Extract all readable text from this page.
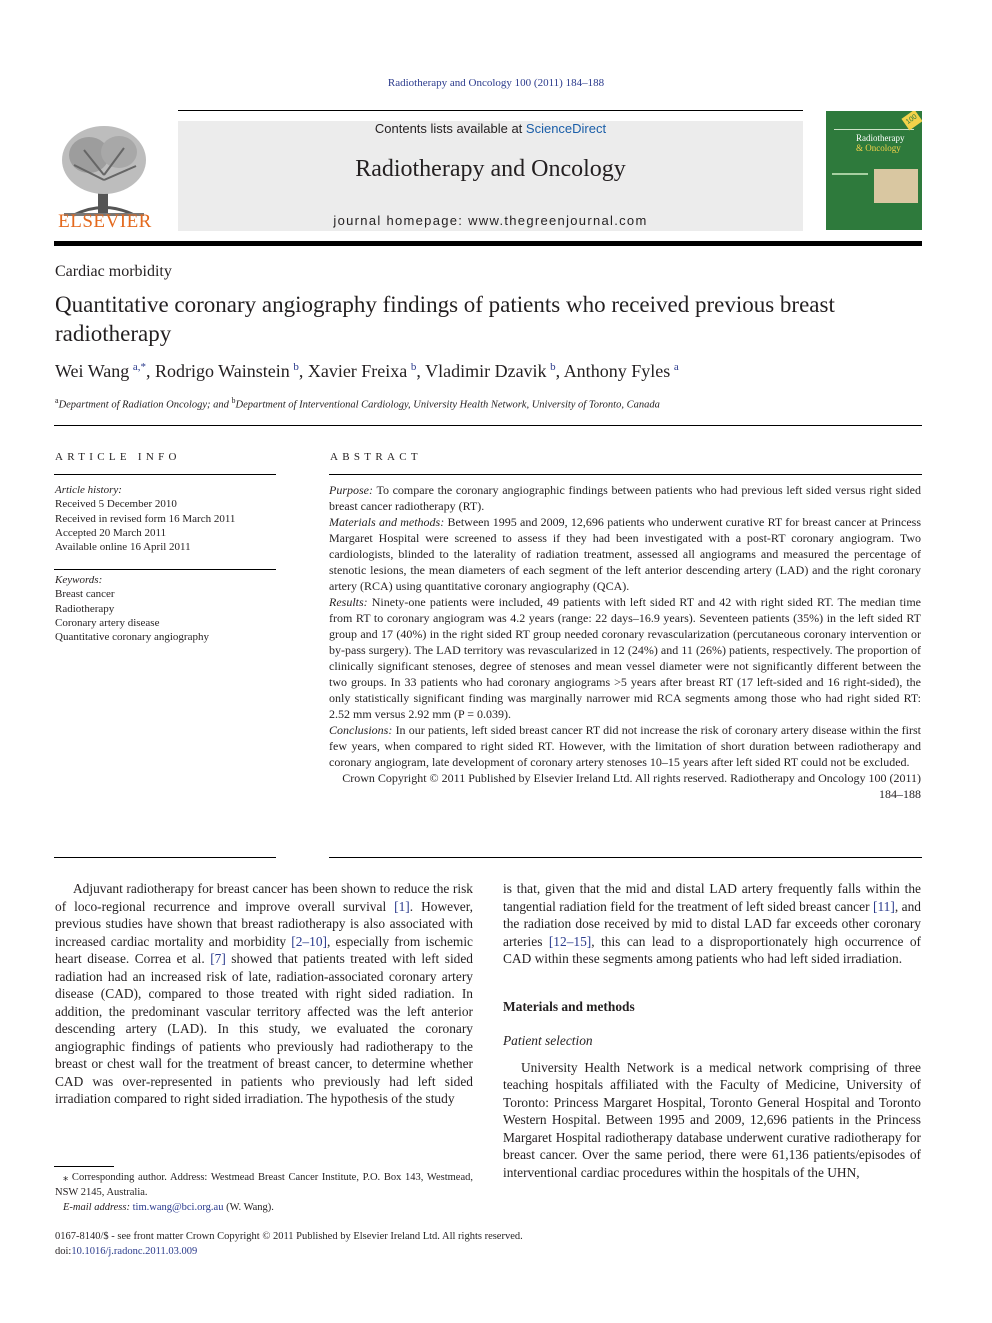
Radiotherapy and Oncology 100 (2011) 184–188
ELSEVIER
Contents lists available at ScienceDirect
Radiotherapy and Oncology
journal homepage: www.thegreenjournal.com
Radiotherapy
& Oncology
100
Cardiac morbidity
Quantitative coronary angiography findings of patients who received previous breast radiotherapy
Wei Wang  $^{a,*}$, Rodrigo Wainstein  $^b$, Xavier Freixa  $^b$, Vladimir Dzavik  $^b$, Anthony Fyles  $^a$
$^a$Department of Radiation Oncology; and $^b$Department of Interventional Cardiology, University Health Network, University of Toronto, Canada
ARTICLE INFO
Article history:
Received 5 December 2010
Received in revised form 16 March 2011
Accepted 20 March 2011
Available online 16 April 2011
Keywords:
Breast cancer
Radiotherapy
Coronary artery disease
Quantitative coronary angiography
ABSTRACT

Purpose: To compare the coronary angiographic findings between patients who had previous left sided versus right sided breast cancer radiotherapy (RT).

Materials and methods: Between 1995 and 2009, 12,696 patients who underwent curative RT for breast cancer at Princess Margaret Hospital were screened to assess if they had been investigated with a post-RT coronary angiogram. Two cardiologists, blinded to the laterality of radiation treatment, assessed all angiograms and measured the percentage of stenotic lesions, the mean diameters of each segment of the left anterior descending artery (LAD) and the right coronary artery (RCA) using quantitative coronary angiography (QCA).

Results: Ninety-one patients were included, 49 patients with left sided RT and 42 with right sided RT. The median time from RT to coronary angiogram was 4.2 years (range: 22 days–16.9 years). Seventeen patients (35%) in the left sided RT group and 17 (40%) in the right sided RT group needed coronary revascularization (percutaneous coronary intervention or by-pass surgery). The LAD territory was revascularized in 12 (24%) and 11 (26%) patients, respectively. The proportion of clinically significant stenoses, degree of stenoses and mean vessel diameter were not significantly different between the two groups. In 33 patients who had coronary angiograms >5 years after breast RT (17 left-sided and 16 right-sided), the only statistically significant finding was marginally narrower mid RCA segments among those who had right sided RT: 2.52 mm versus 2.92 mm (P = 0.039).

Conclusions: In our patients, left sided breast cancer RT did not increase the risk of coronary artery disease within the first few years, when compared to right sided RT. However, with the limitation of short duration between radiotherapy and coronary angiogram, late development of coronary artery stenoses 10–15 years after left sided RT could not be excluded.

Crown Copyright © 2011 Published by Elsevier Ireland Ltd. All rights reserved. Radiotherapy and Oncology 100 (2011) 184–188

Adjuvant radiotherapy for breast cancer has been shown to reduce the risk of loco-regional recurrence and improve overall survival [1]. However, previous studies have shown that breast radiotherapy is also associated with increased cardiac mortality and morbidity [2–10], especially from ischemic heart disease. Correa et al. [7] showed that patients treated with left sided radiation had an increased risk of late, radiation-associated coronary artery disease (CAD), compared to those treated with right sided radiation. In addition, the predominant vascular territory affected was the left anterior descending artery (LAD). In this study, we evaluated the coronary angiographic findings of patients who previously had radiotherapy to the breast or chest wall for the treatment of breast cancer, to determine whether CAD was over-represented in patients who previously had left sided irradiation compared to right sided irradiation. The hypothesis of the study

is that, given that the mid and distal LAD artery frequently falls within the tangential radiation field for the treatment of left sided breast cancer [11], and the radiation dose received by mid to distal LAD far exceeds other coronary arteries [12–15], this can lead to a disproportionately high occurrence of CAD within these segments among patients who had left sided irradiation.

Materials and methods

Patient selection

University Health Network is a medical network comprising of three teaching hospitals affiliated with the Faculty of Medicine, University of Toronto: Princess Margaret Hospital, Toronto General Hospital and Toronto Western Hospital. Between 1995 and 2009, 12,696 patients in the Princess Margaret Hospital radiotherapy database underwent curative radiotherapy for breast cancer. Over the same period, there were 61,136 patients/episodes of interventional cardiac procedures within the hospitals of the UHN,

⁎ Corresponding author. Address: Westmead Breast Cancer Institute, P.O. Box 143, Westmead, NSW 2145, Australia.

E-mail address: tim.wang@bci.org.au (W. Wang).

0167-8140/$ - see front matter Crown Copyright © 2011 Published by Elsevier Ireland Ltd. All rights reserved.
doi:10.1016/j.radonc.2011.03.009
